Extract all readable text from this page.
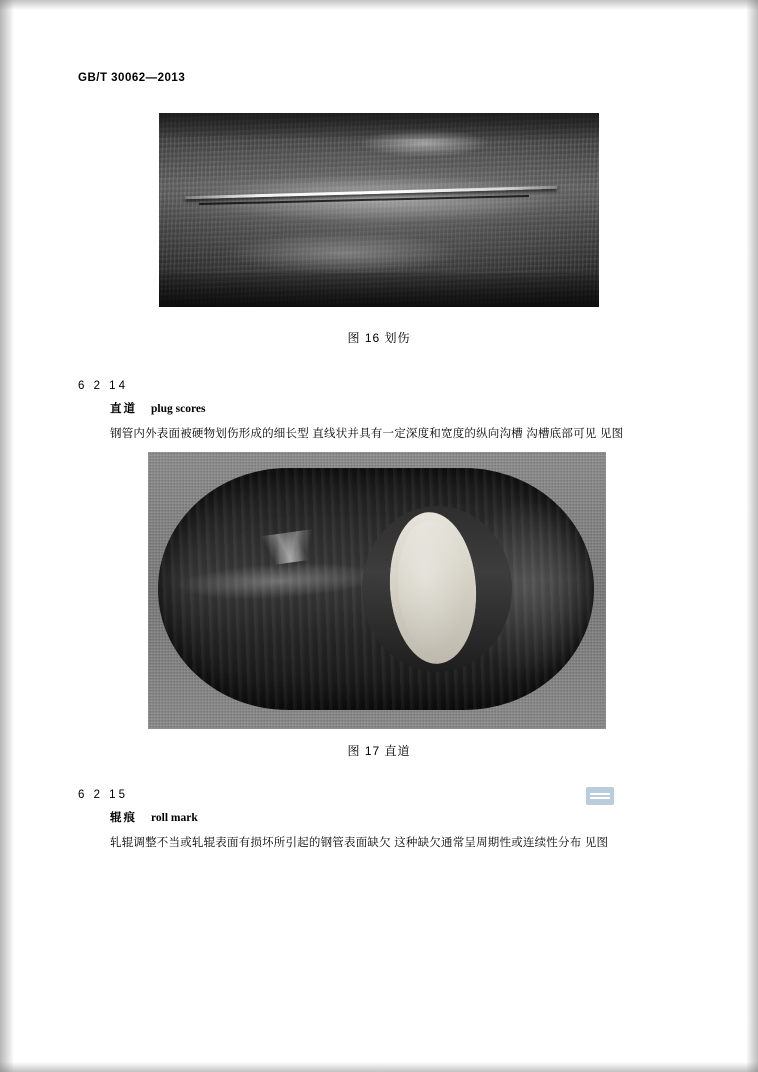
GB/T 30062—2013
图 16 划伤
6 2 14
直道 plug scores
钢管内外表面被硬物划伤形成的细长型 直线状并具有一定深度和宽度的纵向沟槽 沟槽底部可见 见图
图 17 直道
6 2 15
辊痕 roll mark
轧辊调整不当或轧辊表面有损坏所引起的钢管表面缺欠 这种缺欠通常呈周期性或连续性分布 见图
